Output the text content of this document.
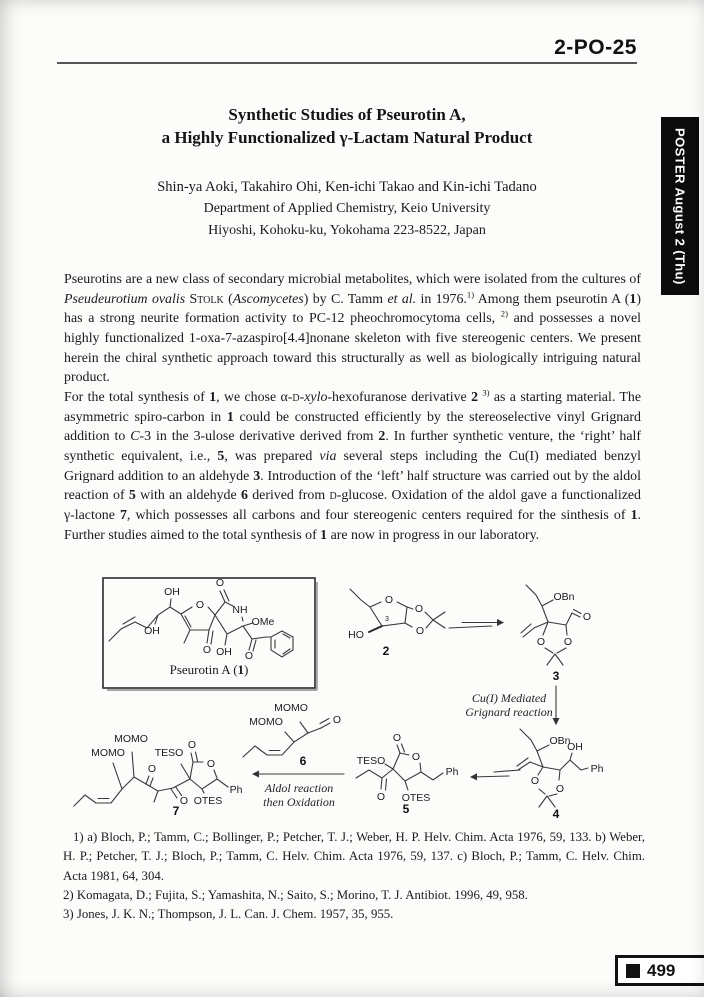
2-PO-25
POSTER August 2 (Thu)
Synthetic Studies of Pseurotin A,
a Highly Functionalized γ-Lactam Natural Product
Shin-ya Aoki, Takahiro Ohi, Ken-ichi Takao and Kin-ichi Tadano
Department of Applied Chemistry, Keio University
Hiyoshi, Kohoku-ku, Yokohama 223-8522, Japan

Pseurotins are a new class of secondary microbial metabolites, which were isolated from the cultures of Pseudeurotium ovalis Stolk (Ascomycetes) by C. Tamm et al. in 1976.$^{1)}$ Among them pseurotin A (1) has a strong neurite formation activity to PC-12 pheochromocytoma cells, $^{2)}$ and possesses a novel highly functionalized 1-oxa-7-azaspiro[4.4]nonane skeleton with five stereogenic centers. We present herein the chiral synthetic approach toward this structurally as well as biologically intriguing natural product.

For the total synthesis of 1, we chose α-d-xylo-hexofuranose derivative 2 $^{3)}$ as a starting material. The asymmetric spiro-carbon in 1 could be constructed efficiently by the stereoselective vinyl Grignard addition to C-3 in the 3-ulose derivative derived from 2. In further synthetic venture, the ‘right’ half synthetic equivalent, i.e., 5, was prepared via several steps including the Cu(I) mediated benzyl Grignard addition to an aldehyde 3. Introduction of the ‘left’ half structure was carried out by the aldol reaction of 5 with an aldehyde 6 derived from d-glucose. Oxidation of the aldol gave a functionalized γ-lactone 7, which possesses all carbons and four stereogenic centers required for the sinthesis of 1. Further studies aimed to the total synthesis of 1 are now in progress in our laboratory.

OH
OH
O
O
NH
OMe
OH
O	O
Pseurotin A (1)
O
O
O
HO
3
2
OBn
O
O O
3
Cu(I) Mediated
Grignard reaction
OBn
OH
Ph
O
O
4
O
TESO	O
Ph
O OTES
5
MOMO
MOMO	O
6
Aldol reaction
then Oxidation
MOMO
MOMO	TESO
O
O
O
O OTES
Ph
7

1) a) Bloch, P.; Tamm, C.; Bollinger, P.; Petcher, T. J.; Weber, H. P. Helv. Chim. Acta 1976, 59, 133. b) Weber, H. P.; Petcher, T. J.; Bloch, P.; Tamm, C. Helv. Chim. Acta 1976, 59, 137. c) Bloch, P.; Tamm, C. Helv. Chim. Acta 1981, 64, 304.

2) Komagata, D.; Fujita, S.; Yamashita, N.; Saito, S.; Morino, T. J. Antibiot. 1996, 49, 958.

3) Jones, J. K. N.; Thompson, J. L. Can. J. Chem. 1957, 35, 955.

499
